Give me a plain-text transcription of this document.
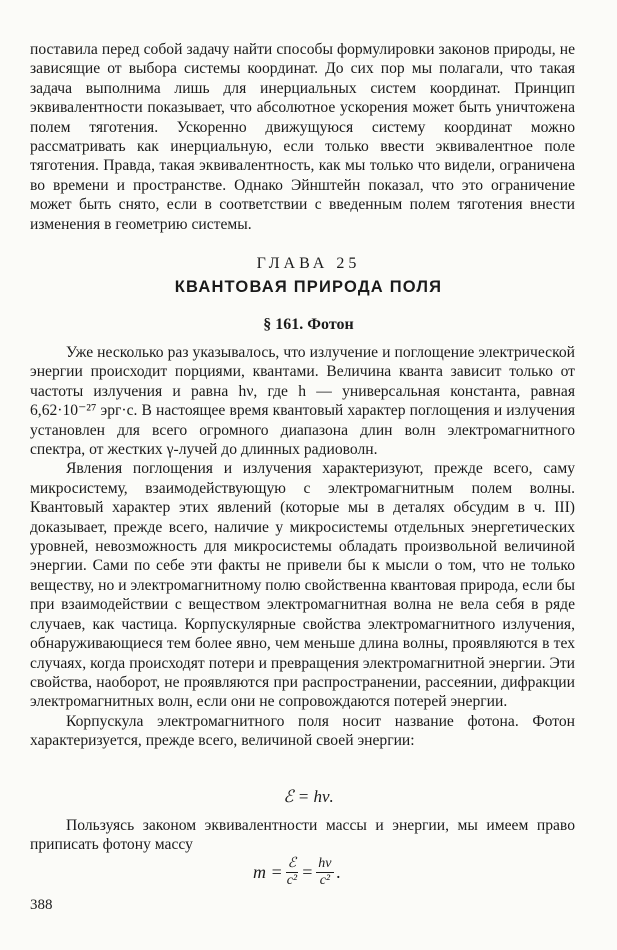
поставила перед собой задачу найти способы формулировки законов природы, не зависящие от выбора системы координат. До сих пор мы полагали, что такая задача выполнима лишь для инерциальных систем координат. Принцип эквивалентности показывает, что абсолютное ускорения может быть уничтожена полем тяготения. Ускоренно движущуюся систему координат можно рассматривать как инерциальную, если только ввести эквивалентное поле тяготения. Правда, такая эквивалентность, как мы только что видели, ограничена во времени и пространстве. Однако Эйнштейн показал, что это ограничение может быть снято, если в соответствии с введенным полем тяготения внести изменения в геометрию системы.

ГЛАВА 25
КВАНТОВАЯ ПРИРОДА ПОЛЯ
§ 161. Фотон

Уже несколько раз указывалось, что излучение и поглощение электрической энергии происходит порциями, квантами. Величина кванта зависит только от частоты излучения и равна hν, где h — универсальная константа, равная 6,62·10⁻²⁷ эрг·с. В настоящее время квантовый характер поглощения и излучения установлен для всего огромного диапазона длин волн электромагнитного спектра, от жестких γ-лучей до длинных радиоволн.

Явления поглощения и излучения характеризуют, прежде всего, саму микросистему, взаимодействующую с электромагнитным полем волны. Квантовый характер этих явлений (которые мы в деталях обсудим в ч. III) доказывает, прежде всего, наличие у микросистемы отдельных энергетических уровней, невозможность для микросистемы обладать произвольной величиной энергии. Сами по себе эти факты не привели бы к мысли о том, что не только веществу, но и электромагнитному полю свойственна квантовая природа, если бы при взаимодействии с веществом электромагнитная волна не вела себя в ряде случаев, как частица. Корпускулярные свойства электромагнитного излучения, обнаруживающиеся тем более явно, чем меньше длина волны, проявляются в тех случаях, когда происходят потери и превращения электромагнитной энергии. Эти свойства, наоборот, не проявляются при распространении, рассеянии, дифракции электромагнитных волн, если они не сопровождаются потерей энергии.

Корпускула электромагнитного поля носит название фотона. Фотон характеризуется, прежде всего, величиной своей энергии:

ℰ = hν.

Пользуясь законом эквивалентности массы и энергии, мы имеем право приписать фотону массу

$m = \frac{\text{ℰ}}{\text{c²}} = \frac{h\nu}{\text{c²}}$ .
388
